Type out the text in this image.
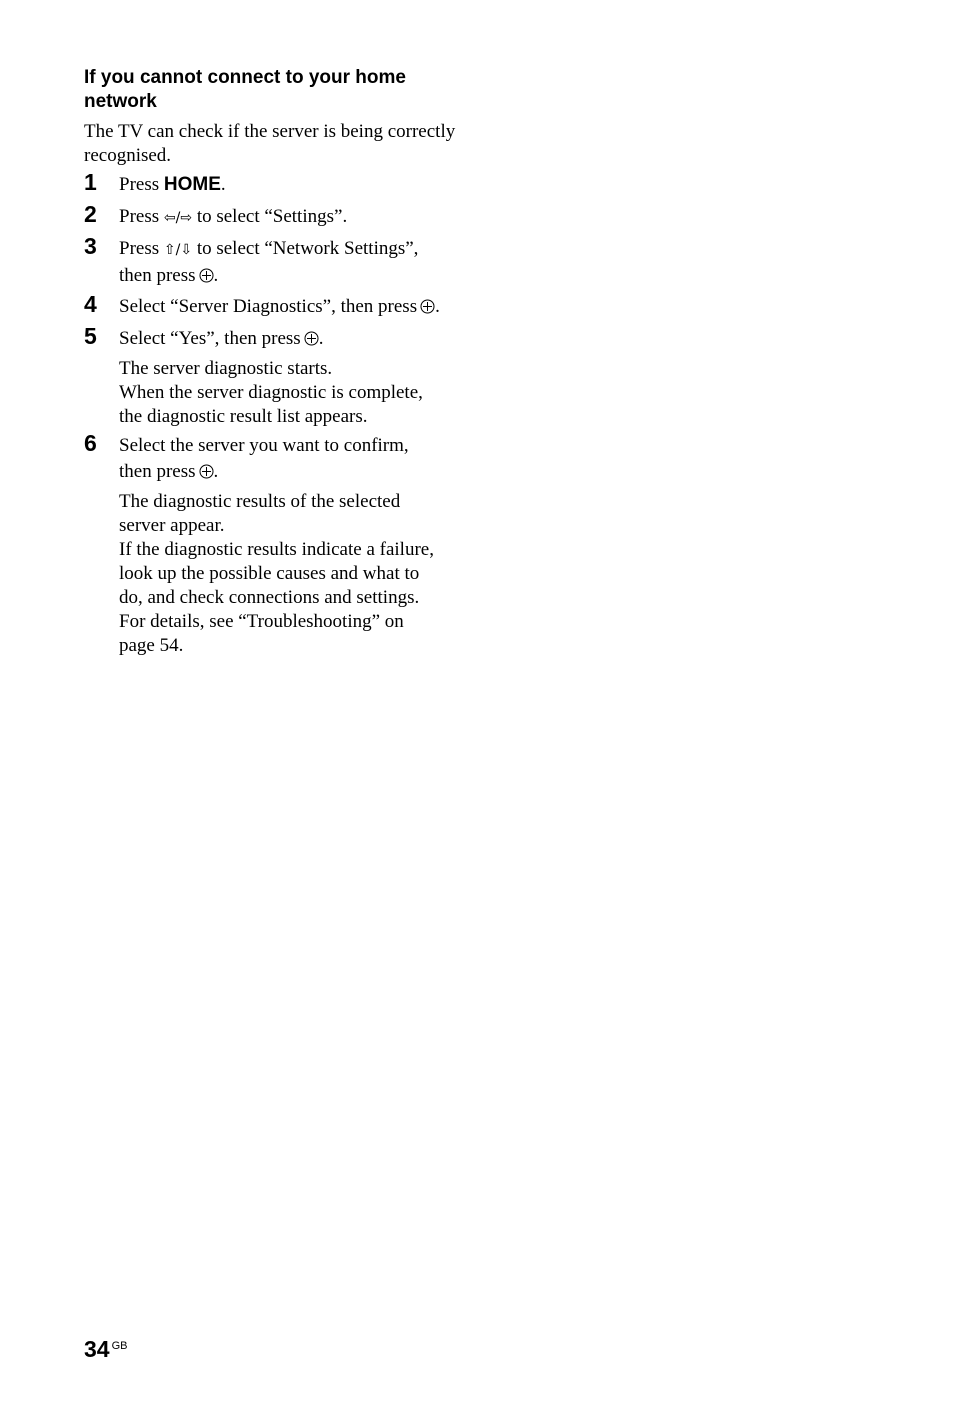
If you cannot connect to your home network

The TV can check if the server is being correctly recognised.

1 Press HOME.
2 Press ⇦/⇨ to select “Settings”.
3 Press ⇧/⇩ to select “Network Settings”,
then press .
4 Select “Server Diagnostics”, then press .
5 Select “Yes”, then press .
The server diagnostic starts.
When the server diagnostic is complete,
the diagnostic result list appears.
6 Select the server you want to confirm,
then press .
The diagnostic results of the selected
server appear.
If the diagnostic results indicate a failure,
look up the possible causes and what to
do, and check connections and settings.
For details, see “Troubleshooting” on
page 54.
34 $^{GB}$
